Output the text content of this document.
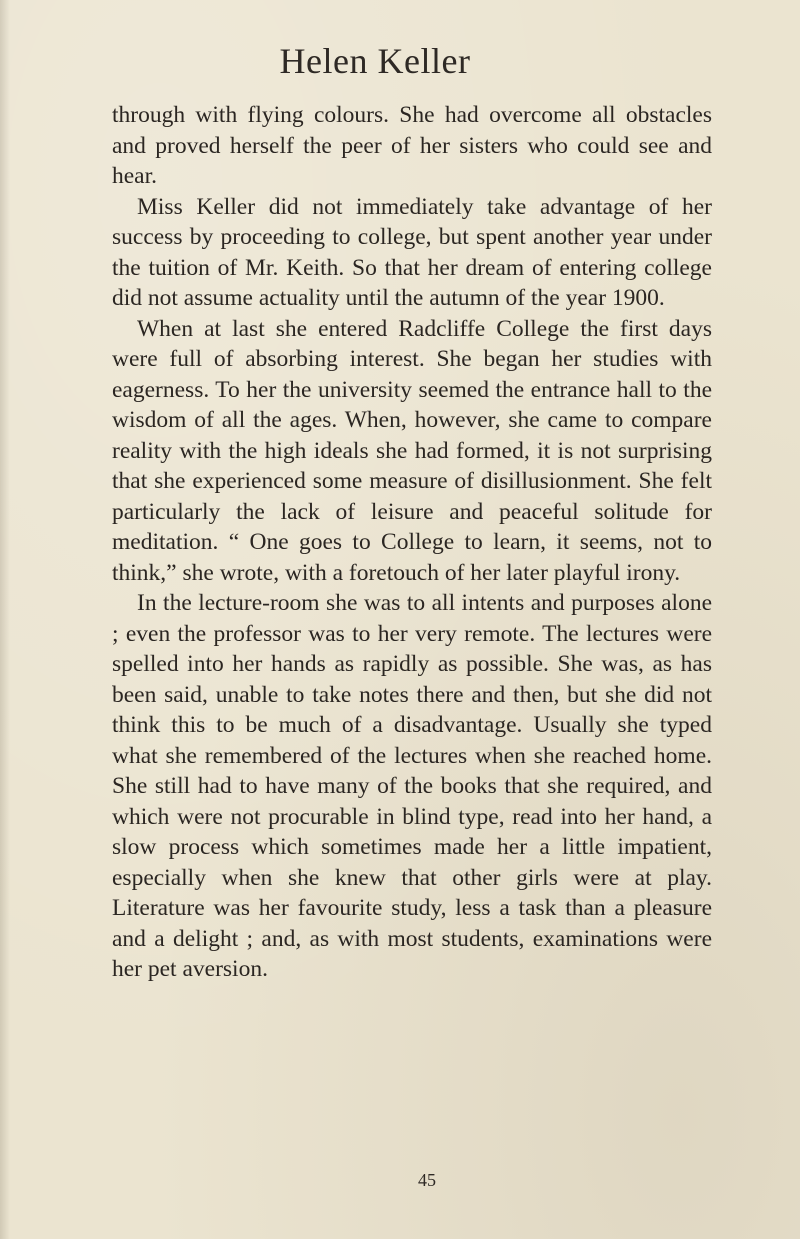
Helen Keller

through with flying colours. She had overcome all obstacles and proved herself the peer of her sisters who could see and hear.

Miss Keller did not immediately take advantage of her success by proceeding to college, but spent another year under the tuition of Mr. Keith. So that her dream of entering college did not assume actuality until the autumn of the year 1900.

When at last she entered Radcliffe College the first days were full of absorbing interest. She began her studies with eagerness. To her the university seemed the entrance hall to the wisdom of all the ages. When, however, she came to compare reality with the high ideals she had formed, it is not surprising that she experienced some measure of disillusionment. She felt particularly the lack of leisure and peaceful solitude for meditation. “ One goes to College to learn, it seems, not to think,” she wrote, with a foretouch of her later playful irony.

In the lecture-room she was to all intents and purposes alone ; even the professor was to her very remote. The lectures were spelled into her hands as rapidly as possible. She was, as has been said, unable to take notes there and then, but she did not think this to be much of a disadvantage. Usually she typed what she remembered of the lectures when she reached home. She still had to have many of the books that she required, and which were not procurable in blind type, read into her hand, a slow process which sometimes made her a little impatient, especially when she knew that other girls were at play. Literature was her favourite study, less a task than a pleasure and a delight ; and, as with most students, examinations were her pet aversion.

45
